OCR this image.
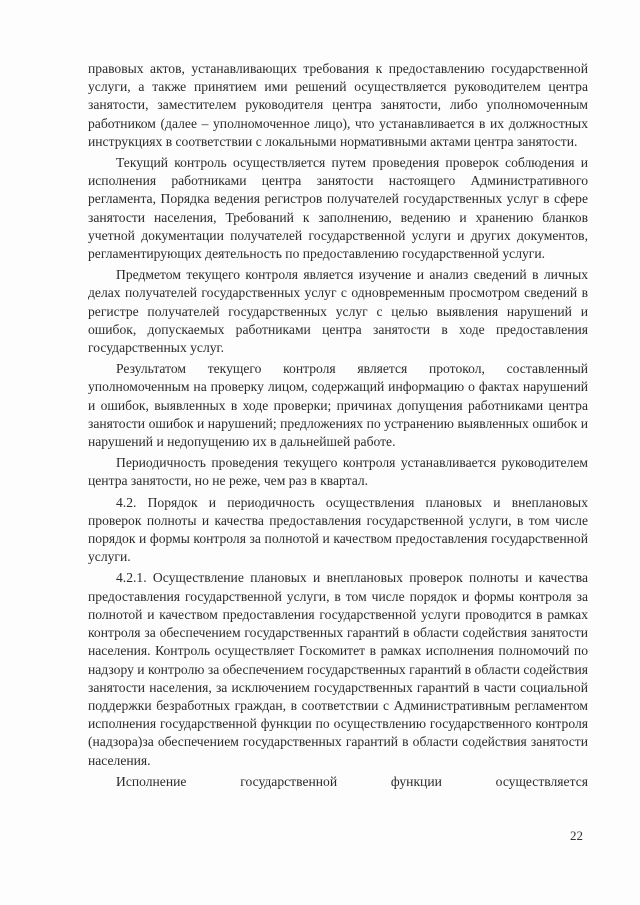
правовых актов, устанавливающих требования к предоставлению государственной услуги, а также принятием ими решений осуществляется руководителем центра занятости, заместителем руководителя центра занятости, либо уполномоченным работником (далее – уполномоченное лицо), что устанавливается в их должностных инструкциях в соответствии с локальными нормативными актами центра занятости.

Текущий контроль осуществляется путем проведения проверок соблюдения и исполнения работниками центра занятости настоящего Административного регламента, Порядка ведения регистров получателей государственных услуг в сфере занятости населения, Требований к заполнению, ведению и хранению бланков учетной документации получателей государственной услуги и других документов, регламентирующих деятельность по предоставлению государственной услуги.

Предметом текущего контроля является изучение и анализ сведений в личных делах получателей государственных услуг с одновременным просмотром сведений в регистре получателей государственных услуг с целью выявления нарушений и ошибок, допускаемых работниками центра занятости в ходе предоставления государственных услуг.

Результатом текущего контроля является протокол, составленный уполномоченным на проверку лицом, содержащий информацию о фактах нарушений и ошибок, выявленных в ходе проверки; причинах допущения работниками центра занятости ошибок и нарушений; предложениях по устранению выявленных ошибок и нарушений и недопущению их в дальнейшей работе.

Периодичность проведения текущего контроля устанавливается руководителем центра занятости, но не реже, чем раз в квартал.

4.2. Порядок и периодичность осуществления плановых и внеплановых проверок полноты и качества предоставления государственной услуги, в том числе порядок и формы контроля за полнотой и качеством предоставления государственной услуги.

4.2.1. Осуществление плановых и внеплановых проверок полноты и качества предоставления государственной услуги, в том числе порядок и формы контроля за полнотой и качеством предоставления государственной услуги проводится в рамках контроля за обеспечением государственных гарантий в области содействия занятости населения. Контроль осуществляет Госкомитет в рамках исполнения полномочий по надзору и контролю за обеспечением государственных гарантий в области содействия занятости населения, за исключением государственных гарантий в части социальной поддержки безработных граждан, в соответствии с Административным регламентом исполнения государственной функции по осуществлению государственного контроля (надзора)за обеспечением государственных гарантий в области содействия занятости населения.

Исполнение государственной функции осуществляется

22
